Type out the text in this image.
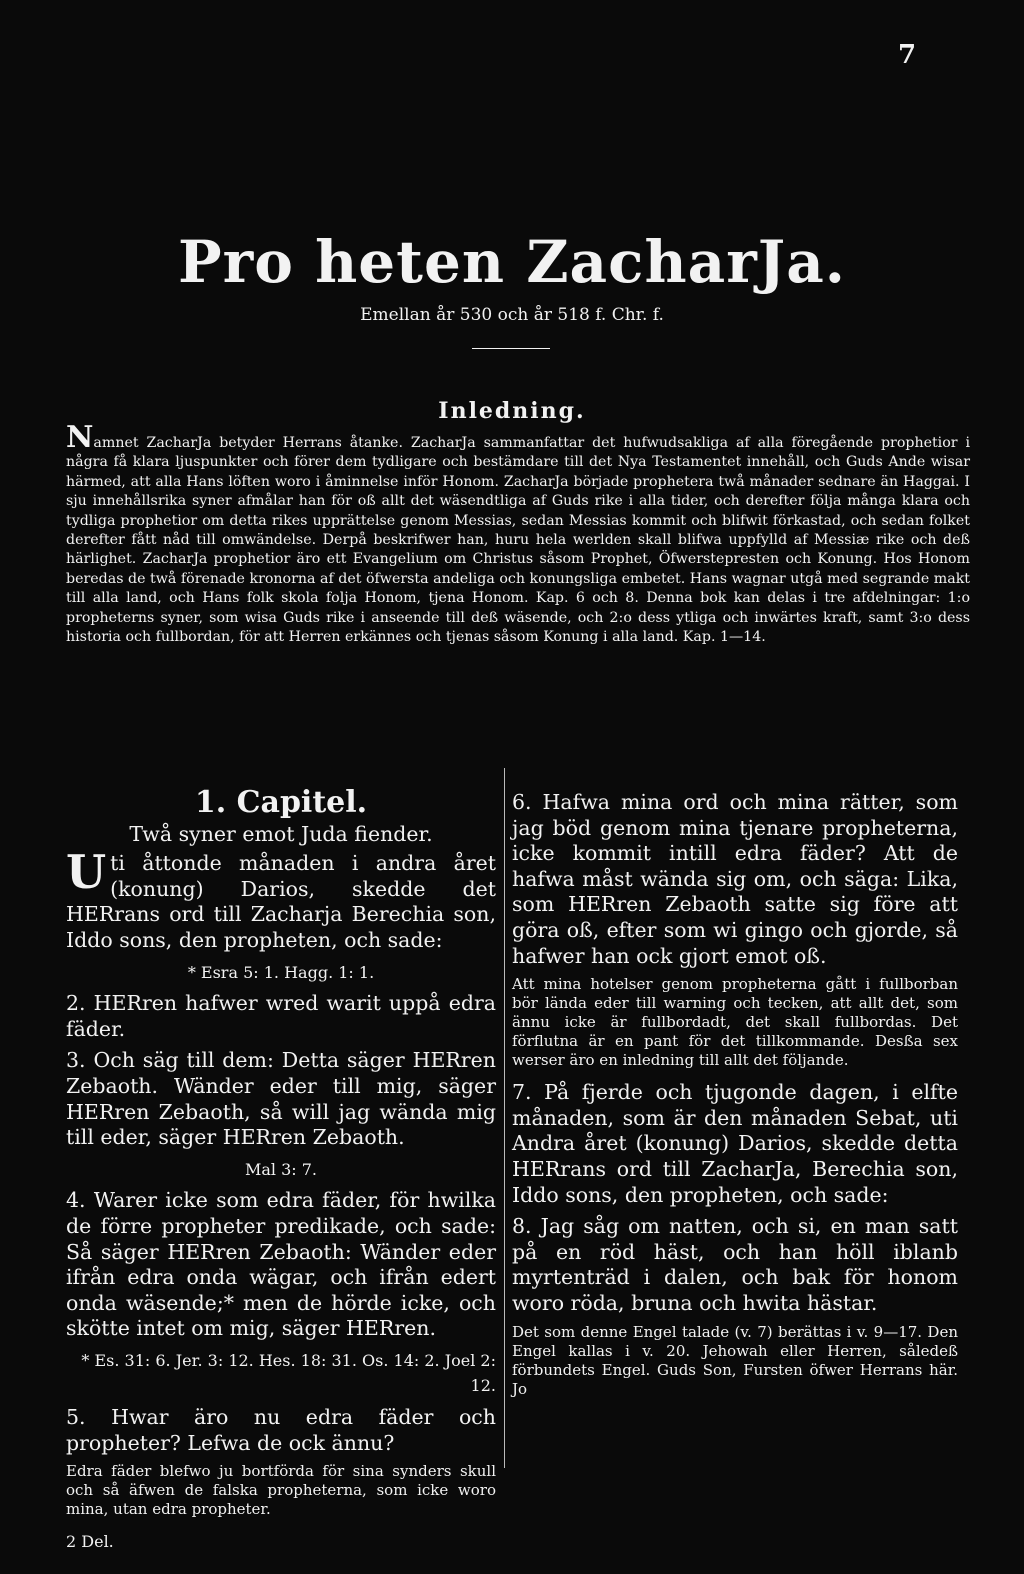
7
Pro heten ZacharJa.
Emellan år 530 och år 518 f. Chr. f.
Inledning.

Namnet ZacharJa betyder Herrans åtanke. ZacharJa sammanfattar det hufwudsakliga af alla föregående prophetior i några få klara ljuspunkter och förer dem tydligare och bestämdare till det Nya Testamentet innehåll, och Guds Ande wisar härmed, att alla Hans löften woro i åminnelse inför Honom. ZacharJa började prophetera twå månader sednare än Haggai. I sju innehållsrika syner afmålar han för oß allt det wäsendtliga af Guds rike i alla tider, och derefter följa många klara och tydliga prophetior om detta rikes upprättelse genom Messias, sedan Messias kommit och blifwit förkastad, och sedan folket derefter fått nåd till omwändelse. Derpå beskrifwer han, huru hela werlden skall blifwa uppfylld af Messiæ rike och deß härlighet. ZacharJa prophetior äro ett Evangelium om Christus såsom Prophet, Öfwerstepresten och Konung. Hos Honom beredas de twå förenade kronorna af det öfwersta andeliga och konungsliga embetet. Hans wagnar utgå med segrande makt till alla land, och Hans folk skola folja Honom, tjena Honom. Kap. 6 och 8. Denna bok kan delas i tre afdelningar: 1:o propheterns syner, som wisa Guds rike i anseende till deß wäsende, och 2:o dess ytliga och inwärtes kraft, samt 3:o dess historia och fullbordan, för att Herren erkännes och tjenas såsom Konung i alla land. Kap. 1—14.

1. Capitel.
Twå syner emot Juda fiender.
Uti åttonde månaden i andra året (konung) Darios, skedde det HERrans ord till Zacharja Berechia son, Iddo sons, den propheten, och sade:
* Esra 5: 1. Hagg. 1: 1.
2. HERren hafwer wred warit uppå edra fäder.
3. Och säg till dem: Detta säger HERren Zebaoth. Wänder eder till mig, säger HERren Zebaoth, så will jag wända mig till eder, säger HERren Zebaoth.
Mal 3: 7.
4. Warer icke som edra fäder, för hwilka de förre propheter predikade, och sade: Så säger HERren Zebaoth: Wänder eder ifrån edra onda wägar, och ifrån edert onda wäsende;* men de hörde icke, och skötte intet om mig, säger HERren.
* Es. 31: 6. Jer. 3: 12. Hes. 18: 31. Os. 14: 2. Joel 2: 12.
5. Hwar äro nu edra fäder och propheter? Lefwa de ock ännu?
Edra fäder blefwo ju bortförda för sina synders skull och så äfwen de falska propheterna, som icke woro mina, utan edra propheter.
2 Del.
6. Hafwa mina ord och mina rätter, som jag böd genom mina tjenare propheterna, icke kommit intill edra fäder? Att de hafwa måst wända sig om, och säga: Lika, som HERren Zebaoth satte sig före att göra oß, efter som wi gingo och gjorde, så hafwer han ock gjort emot oß.
Att mina hotelser genom propheterna gått i fullborban bör lända eder till warning och tecken, att allt det, som ännu icke är fullbordadt, det skall fullbordas. Det förflutna är en pant för det tillkommande. Desßa sex werser äro en inledning till allt det följande.
7. På fjerde och tjugonde dagen, i elfte månaden, som är den månaden Sebat, uti Andra året (konung) Darios, skedde detta HERrans ord till ZacharJa, Berechia son, Iddo sons, den propheten, och sade:
8. Jag såg om natten, och si, en man satt på en röd häst, och han höll iblanb myrtenträd i dalen, och bak för honom woro röda, bruna och hwita hästar.
Det som denne Engel talade (v. 7) berättas i v. 9—17. Den Engel kallas i v. 20. Jehowah eller Herren, såledeß förbundets Engel. Guds Son, Fursten öfwer Herrans här. Jo
